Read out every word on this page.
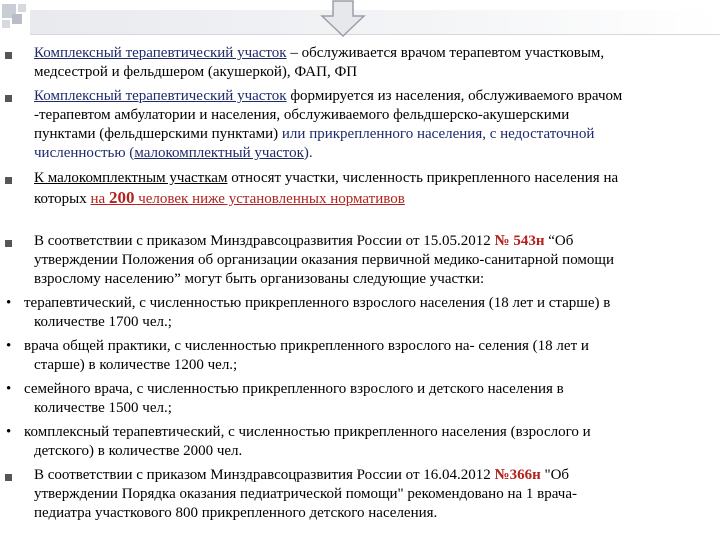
Комплексный терапевтический участок – обслуживается врачом терапевтом участковым,
медсестрой и фельдшером (акушеркой), ФАП, ФП
Комплексный терапевтический участок формируется из населения, обслуживаемого врачом
-терапевтом амбулатории и населения, обслуживаемого фельдшерско-акушерскими
пунктами (фельдшерскими пунктами) или прикрепленного населения, с недостаточной
численностью (малокомплектный участок).
К малокомплектным участкам относят участки, численность прикрепленного населения на
которых на 200 человек ниже установленных нормативов
В соответствии с приказом Минздравсоцразвития России от 15.05.2012 № 543н “Об
утверждении Положения об организации оказания первичной медико-санитарной помощи
взрослому населению” могут быть организованы следующие участки:
• терапевтический, с численностью прикрепленного взрослого населения (18 лет и старше) в
количестве 1700 чел.;
• врача общей практики, с численностью прикрепленного взрослого на- селения (18 лет и
старше) в количестве 1200 чел.;
• семейного врача, с численностью прикрепленного взрослого и детского населения в
количестве 1500 чел.;
• комплексный терапевтический, с численностью прикрепленного населения (взрослого и
детского) в количестве 2000 чел.
В соответствии с приказом Минздравсоцразвития России от 16.04.2012 №366н "Об
утверждении Порядка оказания педиатрической помощи" рекомендовано на 1 врача-
педиатра участкового 800 прикрепленного детского населения.
